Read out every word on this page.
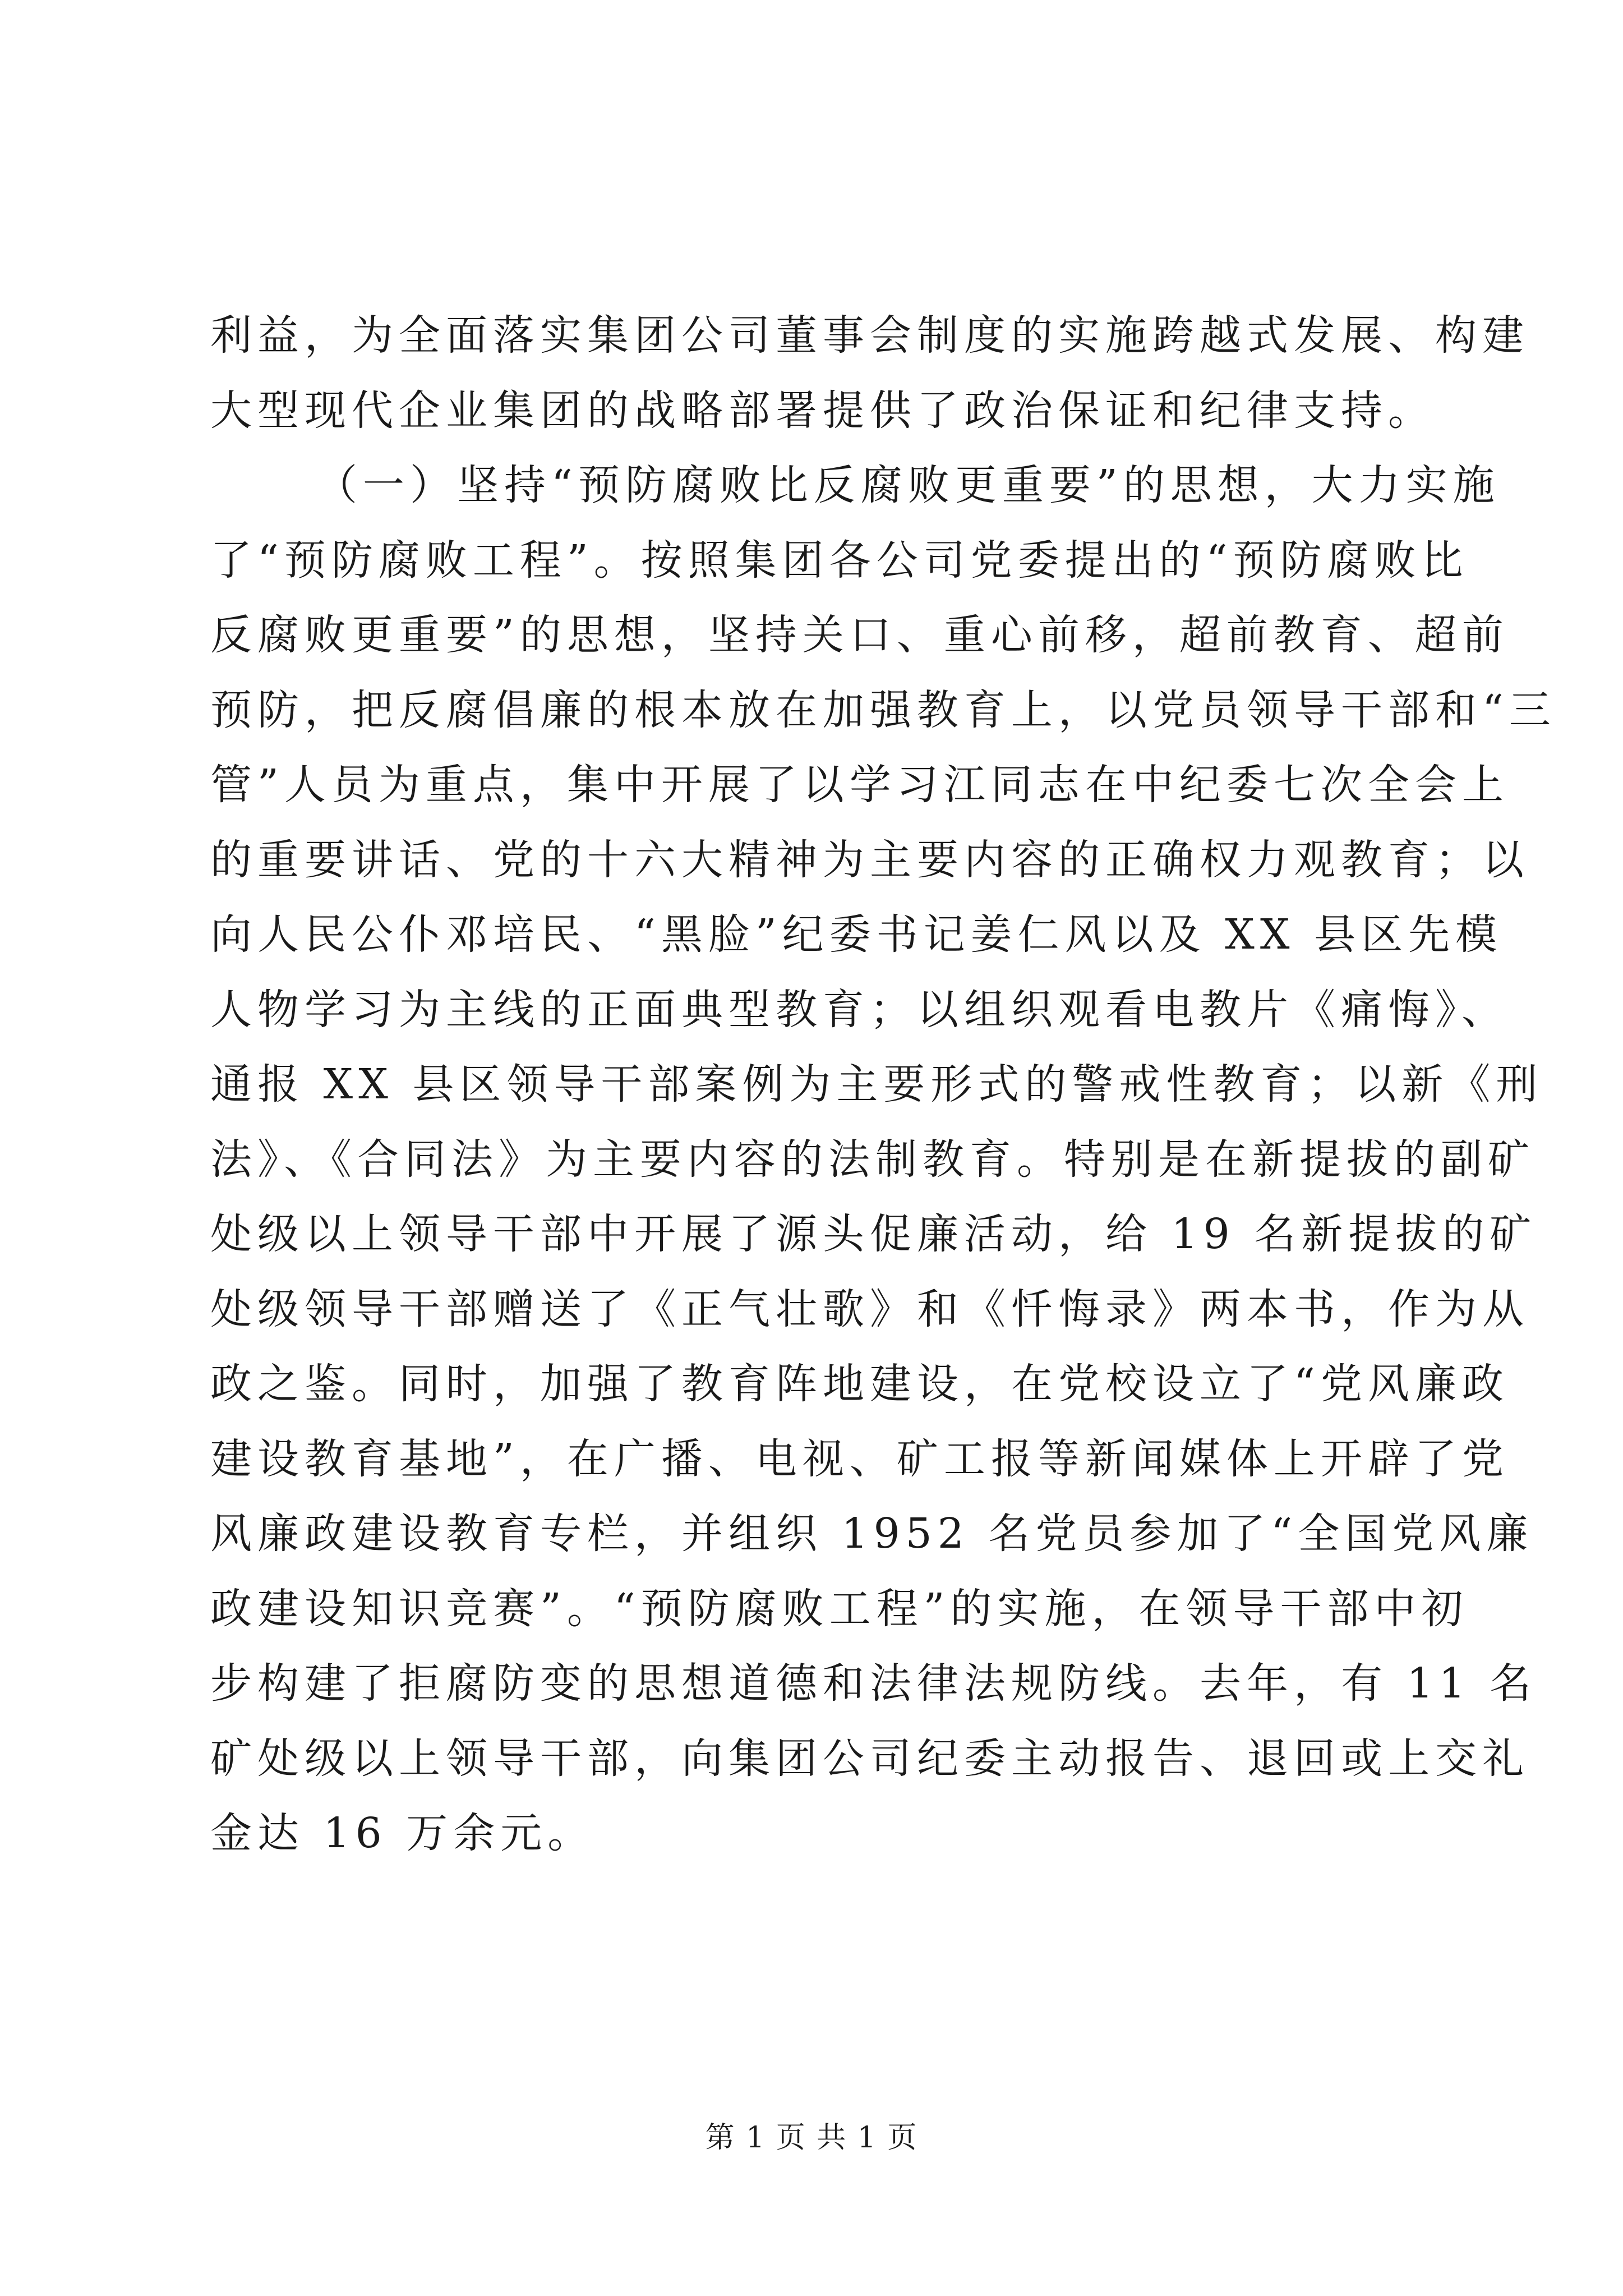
利益，为全面落实集团公司董事会制度的实施跨越式发展、构建
大型现代企业集团的战略部署提供了政治保证和纪律支持。
（一）坚持“预防腐败比反腐败更重要”的思想，大力实施
了“预防腐败工程”。按照集团各公司党委提出的“预防腐败比
反腐败更重要”的思想，坚持关口、重心前移，超前教育、超前
预防，把反腐倡廉的根本放在加强教育上，以党员领导干部和“三
管”人员为重点，集中开展了以学习江同志在中纪委七次全会上
的重要讲话、党的十六大精神为主要内容的正确权力观教育；以
向人民公仆邓培民、“黑脸”纪委书记姜仁风以及 XX 县区先模
人物学习为主线的正面典型教育；以组织观看电教片《痛悔》、
通报 XX 县区领导干部案例为主要形式的警戒性教育；以新《刑
法》、《合同法》为主要内容的法制教育。特别是在新提拔的副矿
处级以上领导干部中开展了源头促廉活动，给 19 名新提拔的矿
处级领导干部赠送了《正气壮歌》和《忏悔录》两本书，作为从
政之鉴。同时，加强了教育阵地建设，在党校设立了“党风廉政
建设教育基地”，在广播、电视、矿工报等新闻媒体上开辟了党
风廉政建设教育专栏，并组织 1952 名党员参加了“全国党风廉
政建设知识竞赛”。“预防腐败工程”的实施，在领导干部中初
步构建了拒腐防变的思想道德和法律法规防线。去年，有 11 名
矿处级以上领导干部，向集团公司纪委主动报告、退回或上交礼
金达 16 万余元。
第 1 页 共 1 页
